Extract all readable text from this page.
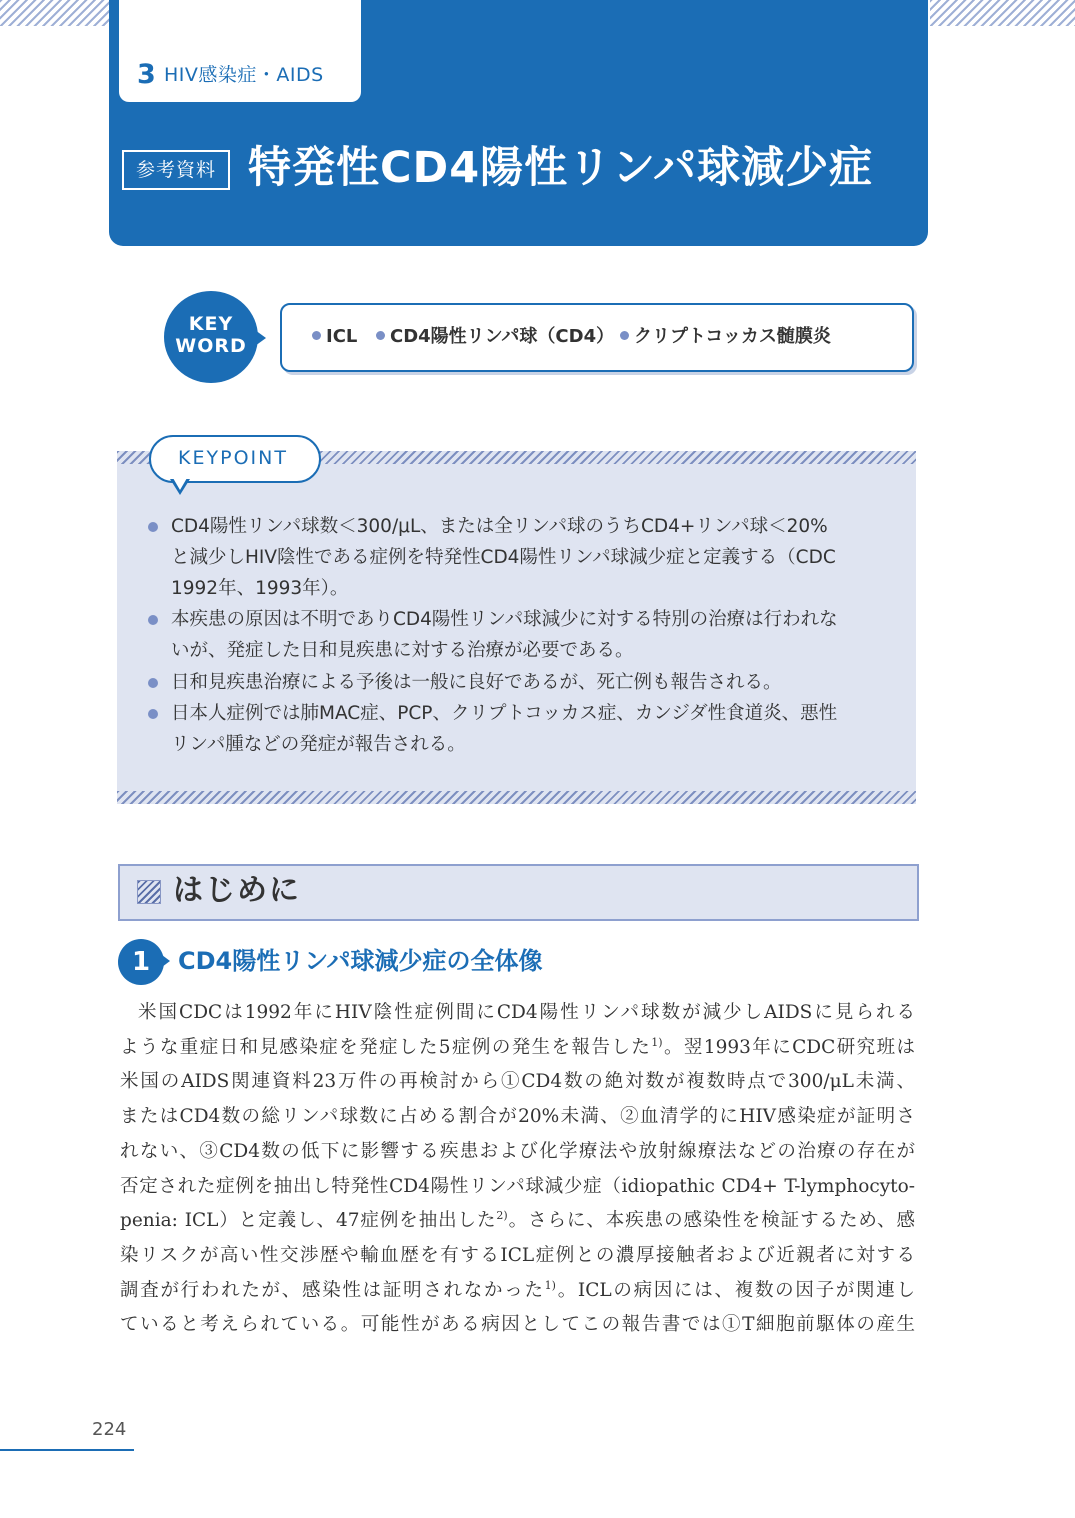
3 HIV感染症・AIDS
参考資料 特発性CD4陽性リンパ球減少症
KEY
WORD	ICL	CD4陽性リンパ球（CD4）	クリプトコッカス髄膜炎
KEYPOINT
CD4陽性リンパ球数＜300/μL、または全リンパ球のうちCD4+リンパ球＜20%
と減少しHIV陰性である症例を特発性CD4陽性リンパ球減少症と定義する（CDC
1992年、1993年）。
本疾患の原因は不明でありCD4陽性リンパ球減少に対する特別の治療は行われな
いが、発症した日和見疾患に対する治療が必要である。
日和見疾患治療による予後は一般に良好であるが、死亡例も報告される。
日本人症例では肺MAC症、PCP、クリプトコッカス症、カンジダ性食道炎、悪性
リンパ腫などの発症が報告される。
はじめに
1	CD4陽性リンパ球減少症の全体像
米国CDCは1992年にHIV陰性症例間にCD4陽性リンパ球数が減少しAIDSに見られる
ような重症日和見感染症を発症した5症例の発生を報告した$^{1)}$。翌1993年にCDC研究班は
米国のAIDS関連資料23万件の再検討から①CD4数の絶対数が複数時点で300/μL未満、
またはCD4数の総リンパ球数に占める割合が20%未満、②血清学的にHIV感染症が証明さ
れない、③CD4数の低下に影響する疾患および化学療法や放射線療法などの治療の存在が
否定された症例を抽出し特発性CD4陽性リンパ球減少症（idiopathic CD4+ T-lymphocyto-
penia: ICL）と定義し、47症例を抽出した$^{2)}$。さらに、本疾患の感染性を検証するため、感
染リスクが高い性交渉歴や輸血歴を有するICL症例との濃厚接触者および近親者に対する
調査が行われたが、感染性は証明されなかった$^{1)}$。ICLの病因には、複数の因子が関連し
ていると考えられている。可能性がある病因としてこの報告書では①T細胞前駆体の産生
224
